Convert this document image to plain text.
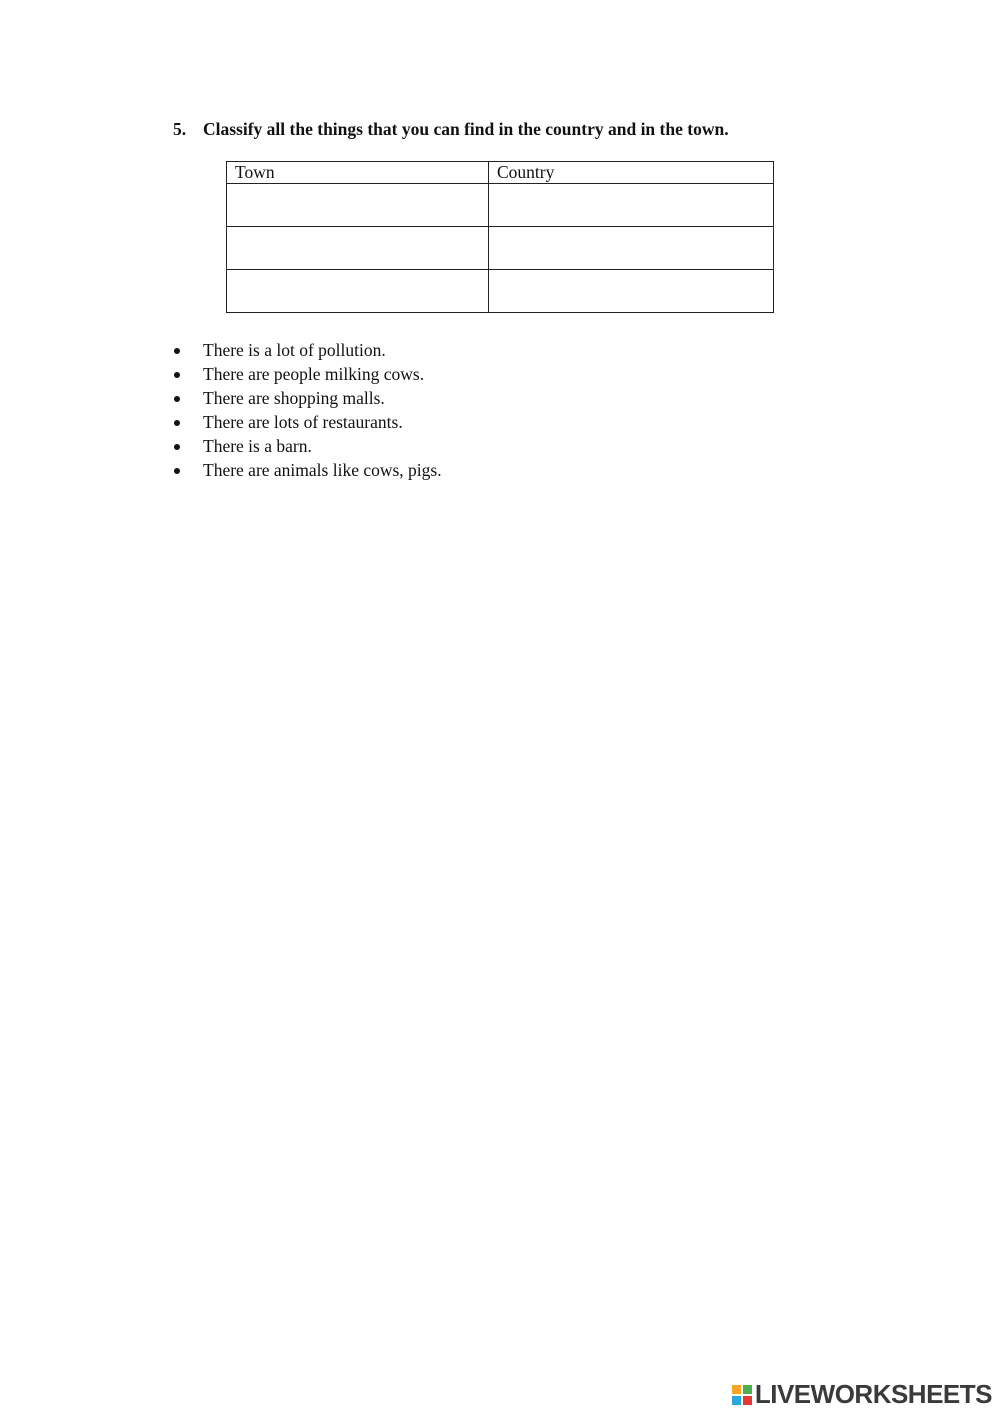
5. Classify all the things that you can find in the country and in the town.
Town	Country

There is a lot of pollution.
There are people milking cows.
There are shopping malls.
There are lots of restaurants.
There is a barn.
There are animals like cows, pigs.
LIVEWORKSHEETS
